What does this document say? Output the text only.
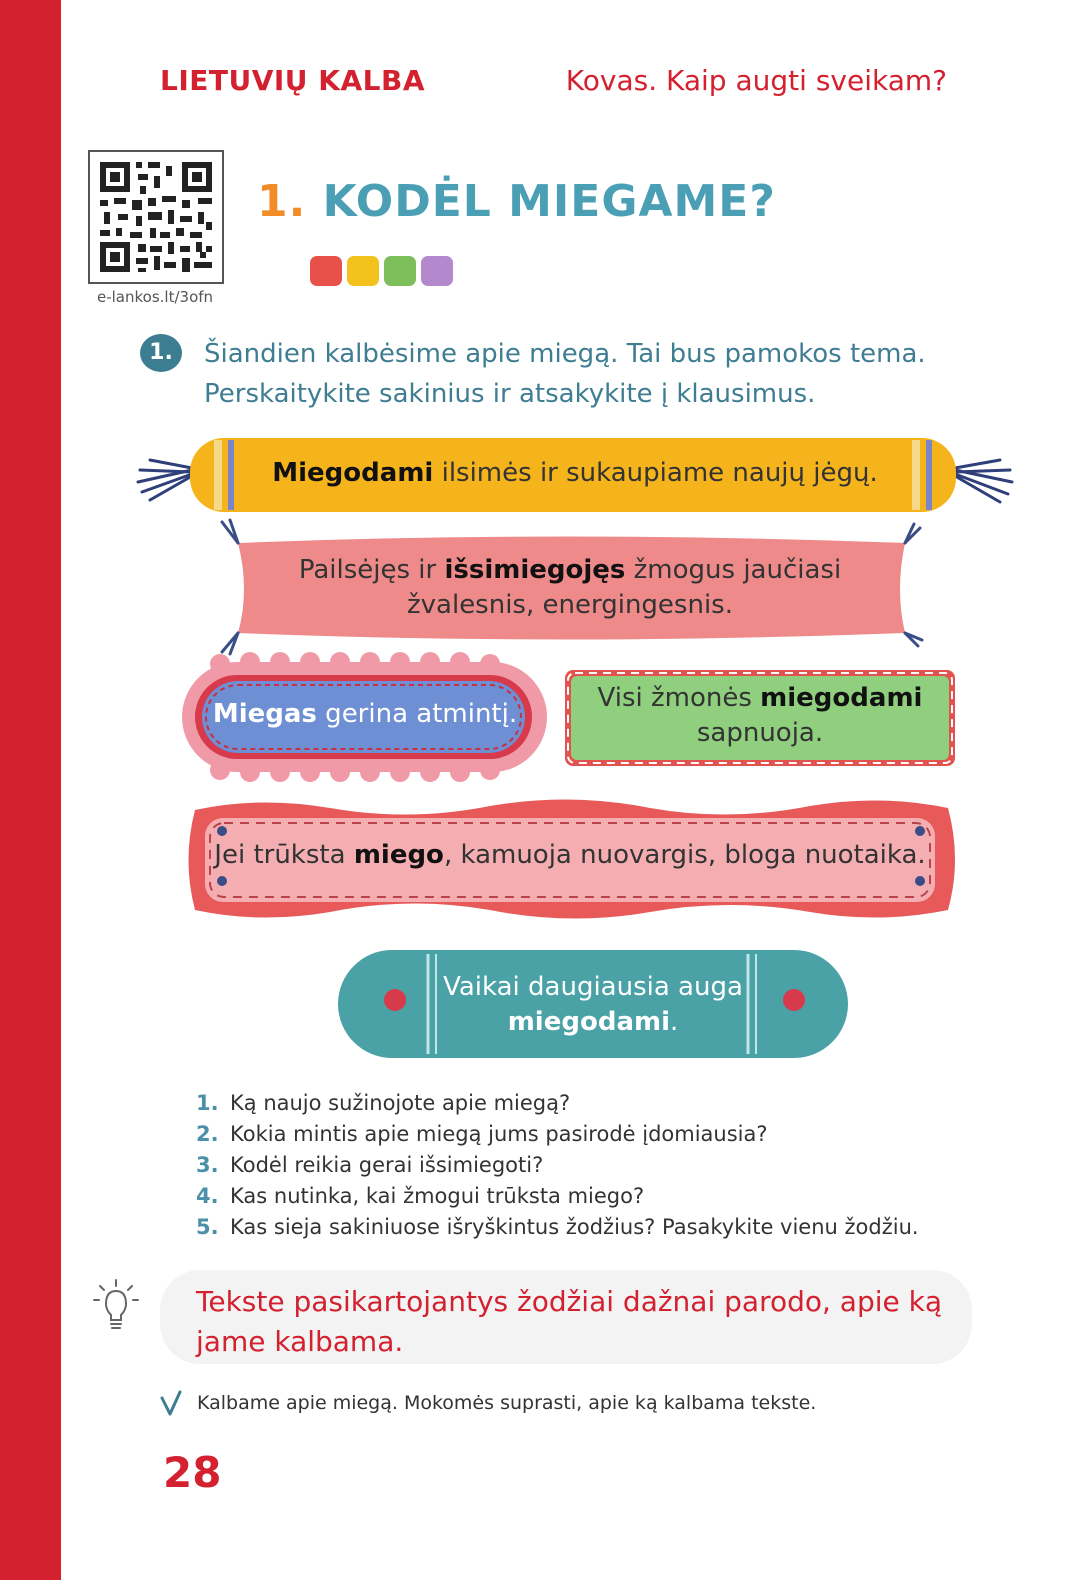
LIETUVIŲ KALBA	Kovas. Kaip augti sveikam?
e-lankos.lt/3ofn
1. KODĖL MIEGAME?
1.	Šiandien kalbėsime apie miegą. Tai bus pamokos tema. Perskaitykite sakinius ir atsakykite į klausimus.
Miegodami ilsimės ir sukaupiame naujų jėgų.
Pailsėjęs ir išsimiegojęs žmogus jaučiasi žvalesnis, energingesnis.
Miegas gerina atmintį.
Visi žmonės miegodami sapnuoja.
Jei trūksta miego, kamuoja nuovargis, bloga nuotaika.
Vaikai daugiausia auga miegodami.
1. Ką naujo sužinojote apie miegą?
2. Kokia mintis apie miegą jums pasirodė įdomiausia?
3. Kodėl reikia gerai išsimiegoti?
4. Kas nutinka, kai žmogui trūksta miego?
5. Kas sieja sakiniuose išryškintus žodžius? Pasakykite vienu žodžiu.
Tekste pasikartojantys žodžiai dažnai parodo, apie ką jame kalbama.
Kalbame apie miegą. Mokomės suprasti, apie ką kalbama tekste.
28
